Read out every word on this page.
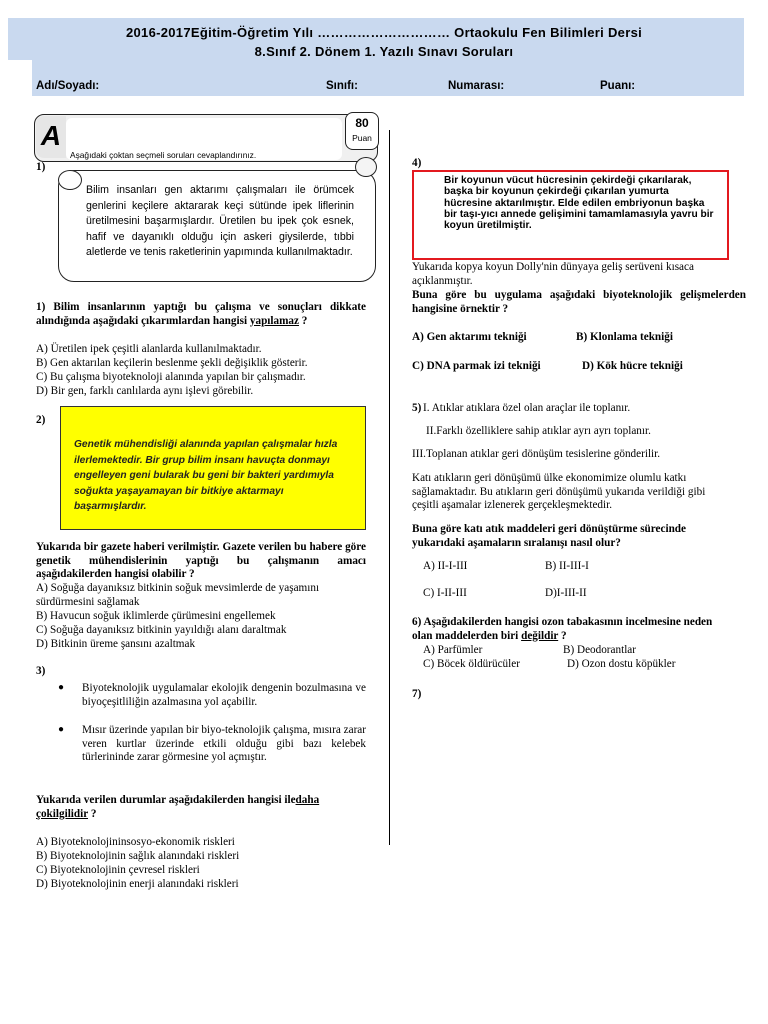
2016-2017Eğitim-Öğretim Yılı ………………………… Ortaokulu Fen Bilimleri Dersi
8.Sınıf 2. Dönem 1. Yazılı Sınavı Soruları
Adı/Soyadı:	Sınıfı:	Numarası:	Puanı:
A
Aşağıdaki çoktan seçmeli soruları cevaplandırınız.
80
Puan
1)
Bilim insanları gen aktarımı çalışmaları ile örümcek genlerini keçilere aktararak keçi sütünde ipek liflerinin üretilmesini başarmışlardır. Üretilen bu ipek çok esnek, hafif ve dayanıklı olduğu için askeri giysilerde, tıbbi aletlerde ve tenis raketlerinin yapımında kullanılmaktadır.
1) Bilim insanlarının yaptığı bu çalışma ve sonuçları dikkate alındığında aşağıdaki çıkarımlardan hangisi yapılamaz ?
A) Üretilen ipek çeşitli alanlarda kullanılmaktadır.
B) Gen aktarılan keçilerin beslenme şekli değişiklik gösterir.
C) Bu çalışma biyoteknoloji alanında yapılan bir çalışmadır.
D) Bir gen, farklı canlılarda aynı işlevi görebilir.
2)
Genetik mühendisliği alanında yapılan çalışmalar hızla ilerlemektedir. Bir grup bilim insanı havuçta donmayı engelleyen geni bularak bu geni bir bakteri yardımıyla soğukta yaşayamayan bir bitkiye aktarmayı başarmışlardır.
Yukarıda bir gazete haberi verilmiştir. Gazete verilen bu habere göre genetik mühendislerinin yaptığı bu çalışmanın amacı aşağıdakilerden hangisi olabilir ?
A) Soğuğa dayanıksız bitkinin soğuk mevsimlerde de yaşamını sürdürmesini sağlamak
B) Havucun soğuk iklimlerde çürümesini engellemek
C) Soğuğa dayanıksız bitkinin yayıldığı alanı daraltmak
D) Bitkinin üreme şansını azaltmak
3)
● Biyoteknolojik uygulamalar ekolojik dengenin bozulmasına ve biyoçeşitliliğin azalmasına yol açabilir.
● Mısır üzerinde yapılan bir biyo-teknolojik çalışma, mısıra zarar veren kurtlar üzerinde etkili olduğu gibi bazı kelebek türlerininde zarar görmesine yol açmıştır.
Yukarıda verilen durumlar aşağıdakilerden hangisi iledaha çokilgilidir ?
A) Biyoteknolojininsosyo-ekonomik riskleri
B) Biyoteknolojinin sağlık alanındaki riskleri
C) Biyoteknolojinin çevresel riskleri
D) Biyoteknolojinin enerji alanındaki riskleri
4)
Bir koyunun vücut hücresinin çekirdeği çıkarılarak, başka bir koyunun çekirdeği çıkarılan yumurta hücresine aktarılmıştır. Elde edilen embriyonun başka bir taşı-yıcı annede gelişimini tamamlamasıyla yavru bir koyun üretilmiştir.
Yukarıda kopya koyun Dolly'nin dünyaya geliş serüveni kısaca açıklanmıştır.
Buna göre bu uygulama aşağıdaki biyoteknolojik gelişmelerden hangisine örnektir ?
A) Gen aktarımı tekniği	B) Klonlama tekniği
C) DNA parmak izi tekniği	D) Kök hücre tekniği
5) I. Atıklar atıklara özel olan araçlar ile toplanır.
II.Farklı özelliklere sahip atıklar ayrı ayrı toplanır.
III.Toplanan atıklar geri dönüşüm tesislerine gönderilir.
Katı atıkların geri dönüşümü ülke ekonomimize olumlu katkı sağlamaktadır. Bu atıkların geri dönüşümü yukarıda verildiği gibi çeşitli aşamalar izlenerek gerçekleşmektedir.
Buna göre katı atık maddeleri geri dönüştürme sürecinde yukarıdaki aşamaların sıralanışı nasıl olur?
A) II-I-III	B) II-III-I
C) I-II-III	D)I-III-II
6) Aşağıdakilerden hangisi ozon tabakasının incelmesine neden olan maddelerden biri değildir ?
A) Parfümler	B) Deodorantlar
C) Böcek öldürücüler	D) Ozon dostu köpükler
7)
